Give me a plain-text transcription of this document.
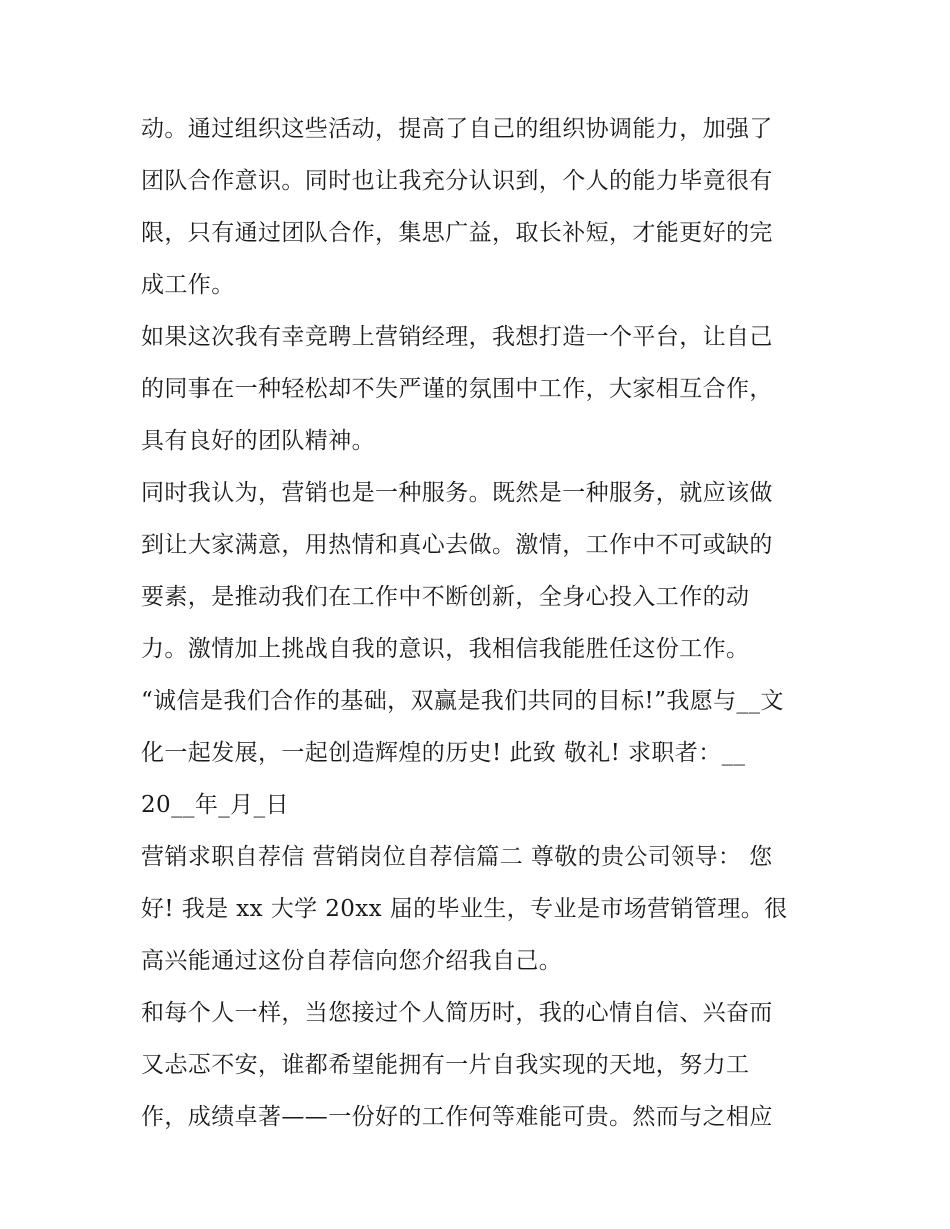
动。通过组织这些活动，提高了自己的组织协调能力，加强了
团队合作意识。同时也让我充分认识到，个人的能力毕竟很有
限，只有通过团队合作，集思广益，取长补短，才能更好的完
成工作。
如果这次我有幸竞聘上营销经理，我想打造一个平台，让自己
的同事在一种轻松却不失严谨的氛围中工作，大家相互合作，
具有良好的团队精神。
同时我认为，营销也是一种服务。既然是一种服务，就应该做
到让大家满意，用热情和真心去做。激情，工作中不可或缺的
要素，是推动我们在工作中不断创新，全身心投入工作的动
力。激情加上挑战自我的意识，我相信我能胜任这份工作。
“诚信是我们合作的基础，双赢是我们共同的目标!”我愿与__文
化一起发展，一起创造辉煌的历史! 此致 敬礼! 求职者：__
20__年_月_日
营销求职自荐信 营销岗位自荐信篇二 尊敬的贵公司领导： 您
好! 我是 xx 大学 20xx 届的毕业生，专业是市场营销管理。很
高兴能通过这份自荐信向您介绍我自己。
和每个人一样，当您接过个人简历时，我的心情自信、兴奋而
又忐忑不安，谁都希望能拥有一片自我实现的天地，努力工
作，成绩卓著——一份好的工作何等难能可贵。然而与之相应
